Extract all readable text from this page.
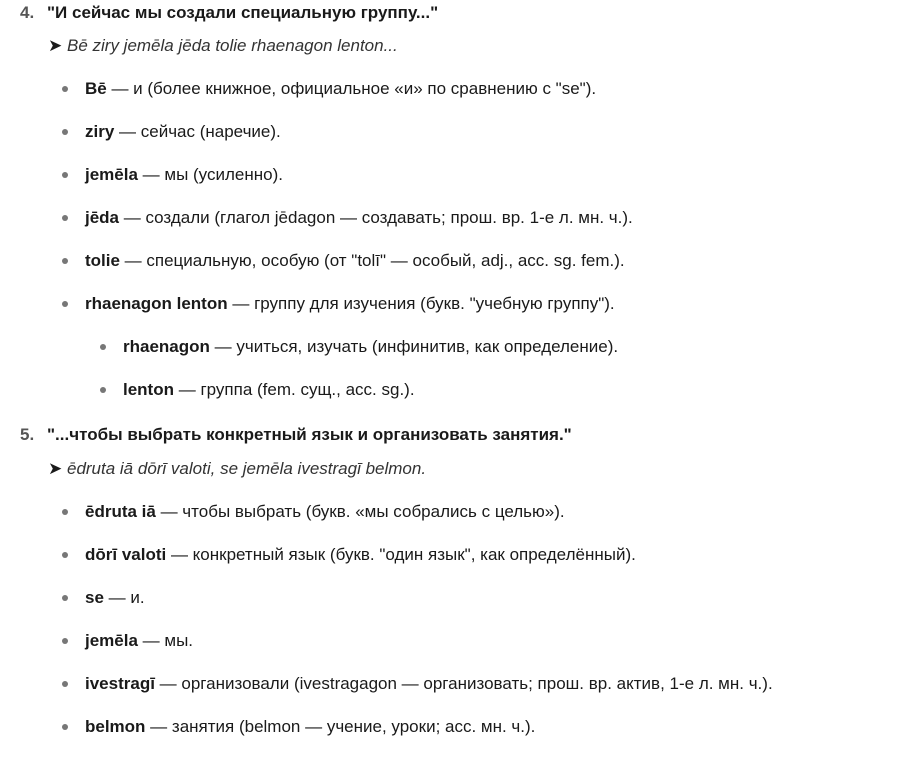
4. "И сейчас мы создали специальную группу..."
➤ Bē ziry jemēla jēda tolie rhaenagon lenton...
Bē — и (более книжное, официальное «и» по сравнению с "se").
ziry — сейчас (наречие).
jemēla — мы (усиленно).
jēda — создали (глагол jēdagon — создавать; прош. вр. 1-е л. мн. ч.).
tolie — специальную, особую (от "tolī" — особый, adj., acc. sg. fem.).
rhaenagon lenton — группу для изучения (букв. "учебную группу").
rhaenagon — учиться, изучать (инфинитив, как определение).
lenton — группа (fem. сущ., acc. sg.).
5. "...чтобы выбрать конкретный язык и организовать занятия."
➤ ēdruta iā dōrī valoti, se jemēla ivestragī belmon.
ēdruta iā — чтобы выбрать (букв. «мы собрались с целью»).
dōrī valoti — конкретный язык (букв. "один язык", как определённый).
se — и.
jemēla — мы.
ivestragī — организовали (ivestragagon — организовать; прош. вр. актив, 1-е л. мн. ч.).
belmon — занятия (belmon — учение, уроки; acc. мн. ч.).
